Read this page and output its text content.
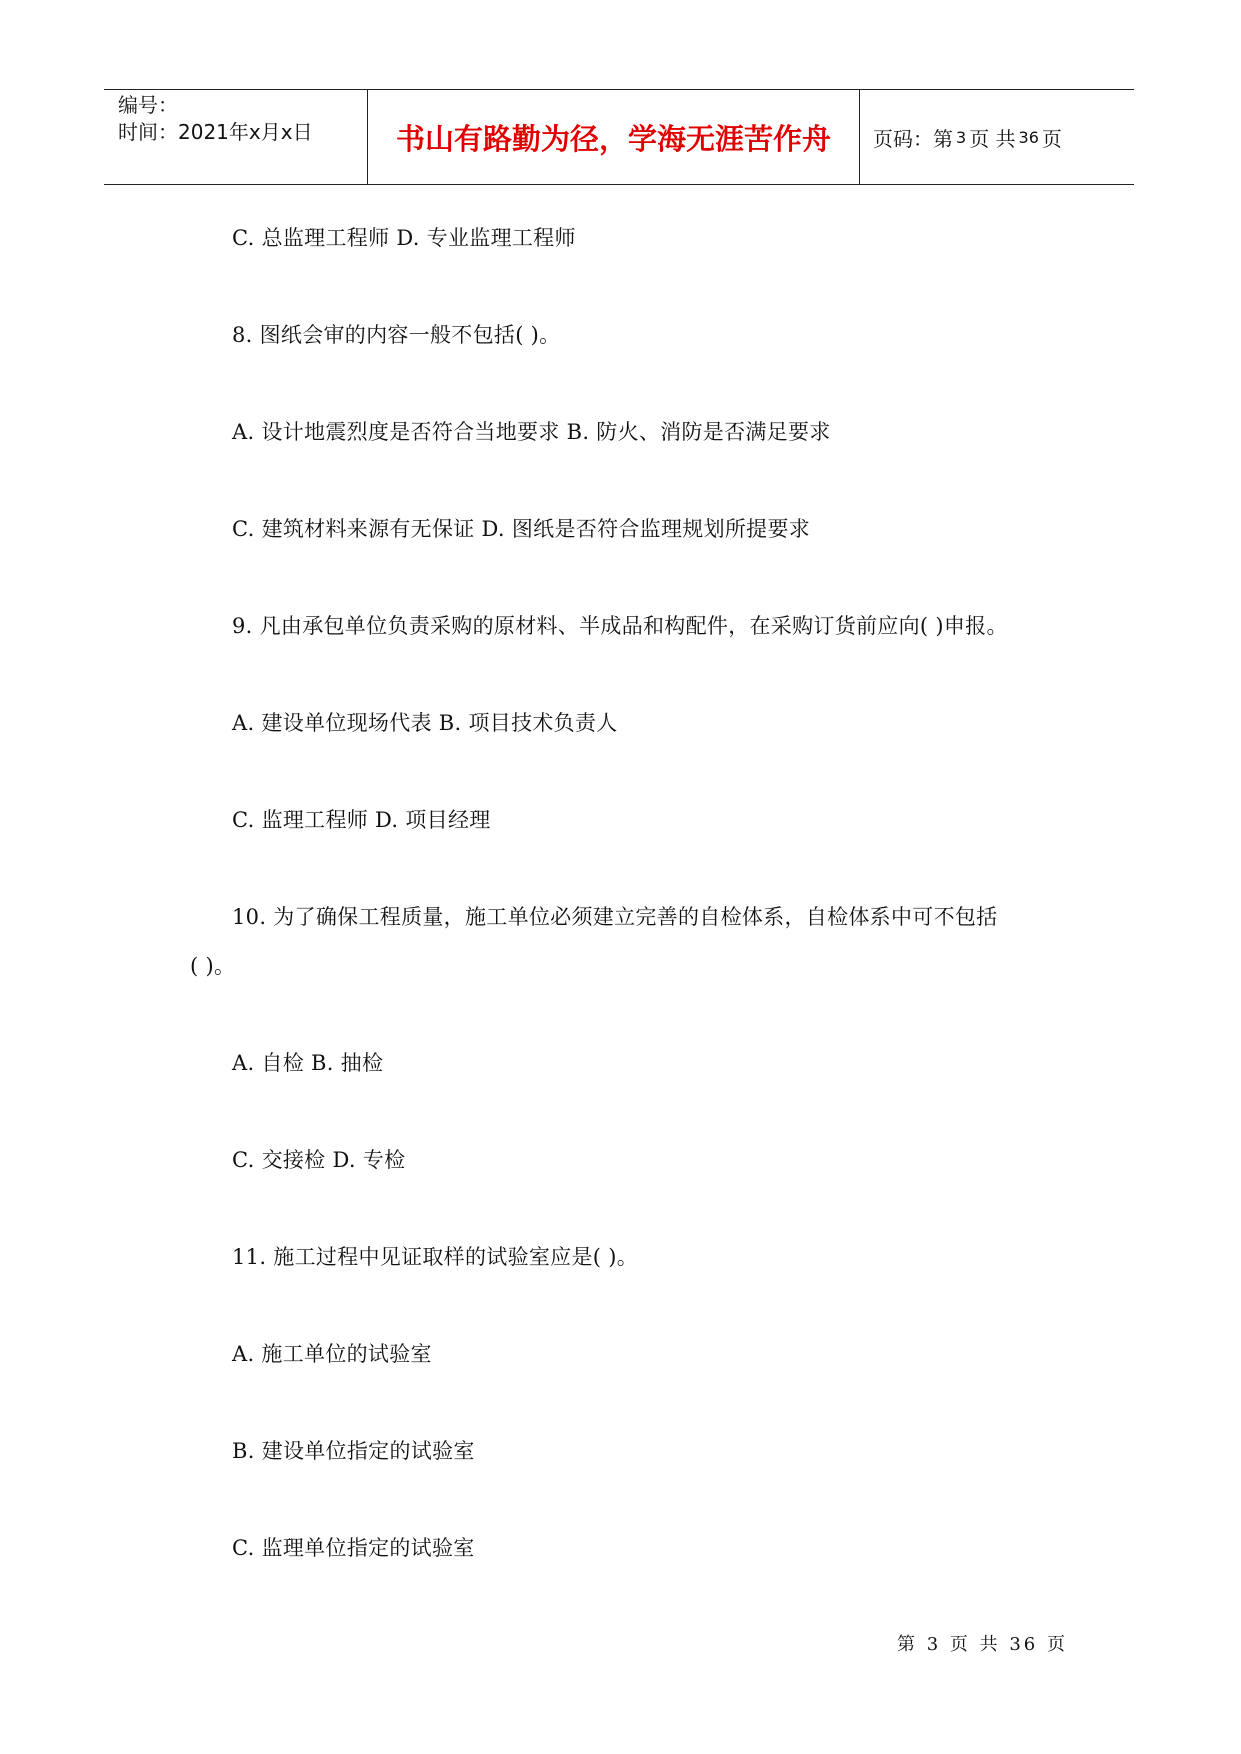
编号：
时间：2021年x月x日	书山有路勤为径，学海无涯苦作舟 页码：第 3 页 共 36 页
C. 总监理工程师 D. 专业监理工程师
8. 图纸会审的内容一般不包括( )。
A. 设计地震烈度是否符合当地要求 B. 防火、消防是否满足要求
C. 建筑材料来源有无保证 D. 图纸是否符合监理规划所提要求
9. 凡由承包单位负责采购的原材料、半成品和构配件，在采购订货前应向( )申报。
A. 建设单位现场代表 B. 项目技术负责人
C. 监理工程师 D. 项目经理
10. 为了确保工程质量，施工单位必须建立完善的自检体系，自检体系中可不包括
( )。
A. 自检 B. 抽检
C. 交接检 D. 专检
11. 施工过程中见证取样的试验室应是( )。
A. 施工单位的试验室
B. 建设单位指定的试验室
C. 监理单位指定的试验室
第 3 页 共 36 页
